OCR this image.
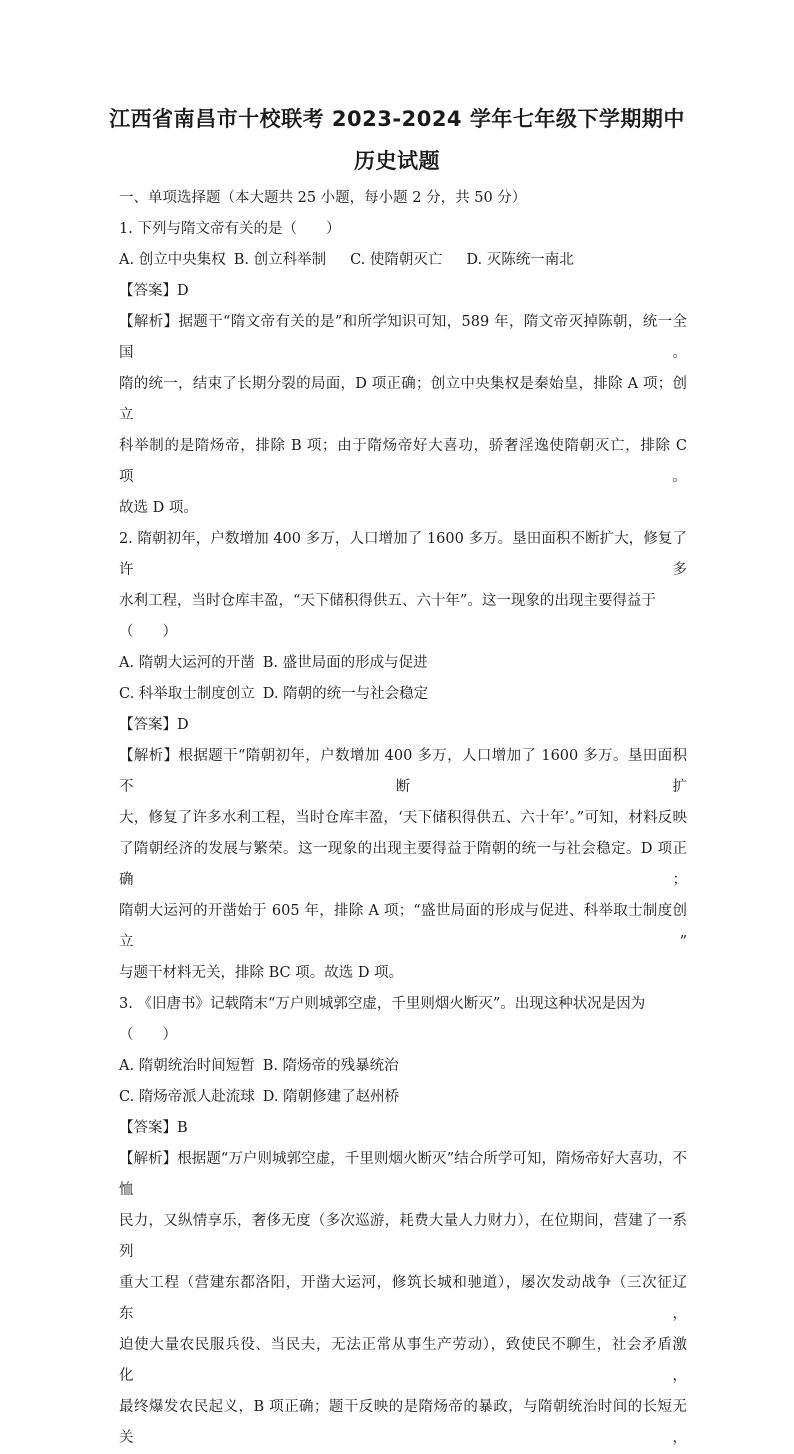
江西省南昌市十校联考 2023-2024 学年七年级下学期期中
历史试题

一、单项选择题（本大题共 25 小题，每小题 2 分，共 50 分）

1. 下列与隋文帝有关的是（　　）

A. 创立中央集权 B. 创立科举制 C. 使隋朝灭亡 D. 灭陈统一南北

【答案】D

【解析】据题干“隋文帝有关的是”和所学知识可知，589 年，隋文帝灭掉陈朝，统一全国。
隋的统一，结束了长期分裂的局面，D 项正确；创立中央集权是秦始皇，排除 A 项；创立
科举制的是隋炀帝，排除 B 项；由于隋炀帝好大喜功，骄奢淫逸使隋朝灭亡，排除 C 项。
故选 D 项。
2. 隋朝初年，户数增加 400 多万，人口增加了 1600 多万。垦田面积不断扩大，修复了许多
水利工程，当时仓库丰盈，“天下储积得供五、六十年”。这一现象的出现主要得益于（　　）
A. 隋朝大运河的开凿 B. 盛世局面的形成与促进
C. 科举取士制度创立 D. 隋朝的统一与社会稳定

【答案】D

【解析】根据题干“隋朝初年，户数增加 400 多万，人口增加了 1600 多万。垦田面积不断扩
大，修复了许多水利工程，当时仓库丰盈，‘天下储积得供五、六十年’。”可知，材料反映
了隋朝经济的发展与繁荣。这一现象的出现主要得益于隋朝的统一与社会稳定。D 项正确；
隋朝大运河的开凿始于 605 年，排除 A 项；“盛世局面的形成与促进、科举取士制度创立”
与题干材料无关，排除 BC 项。故选 D 项。

3. 《旧唐书》记载隋末“万户则城郭空虚，千里则烟火断灭”。出现这种状况是因为（　　）

A. 隋朝统治时间短暂 B. 隋炀帝的残暴统治
C. 隋炀帝派人赴流球 D. 隋朝修建了赵州桥

【答案】B

【解析】根据题“万户则城郭空虚，千里则烟火断灭”结合所学可知，隋炀帝好大喜功，不恤
民力，又纵情享乐，奢侈无度（多次巡游，耗费大量人力财力），在位期间，营建了一系列
重大工程（营建东都洛阳，开凿大运河，修筑长城和驰道），屡次发动战争（三次征辽东，
迫使大量农民服兵役、当民夫，无法正常从事生产劳动），致使民不聊生，社会矛盾激化，
最终爆发农民起义，B 项正确；题干反映的是隋炀帝的暴政，与隋朝统治时间的长短无关，
